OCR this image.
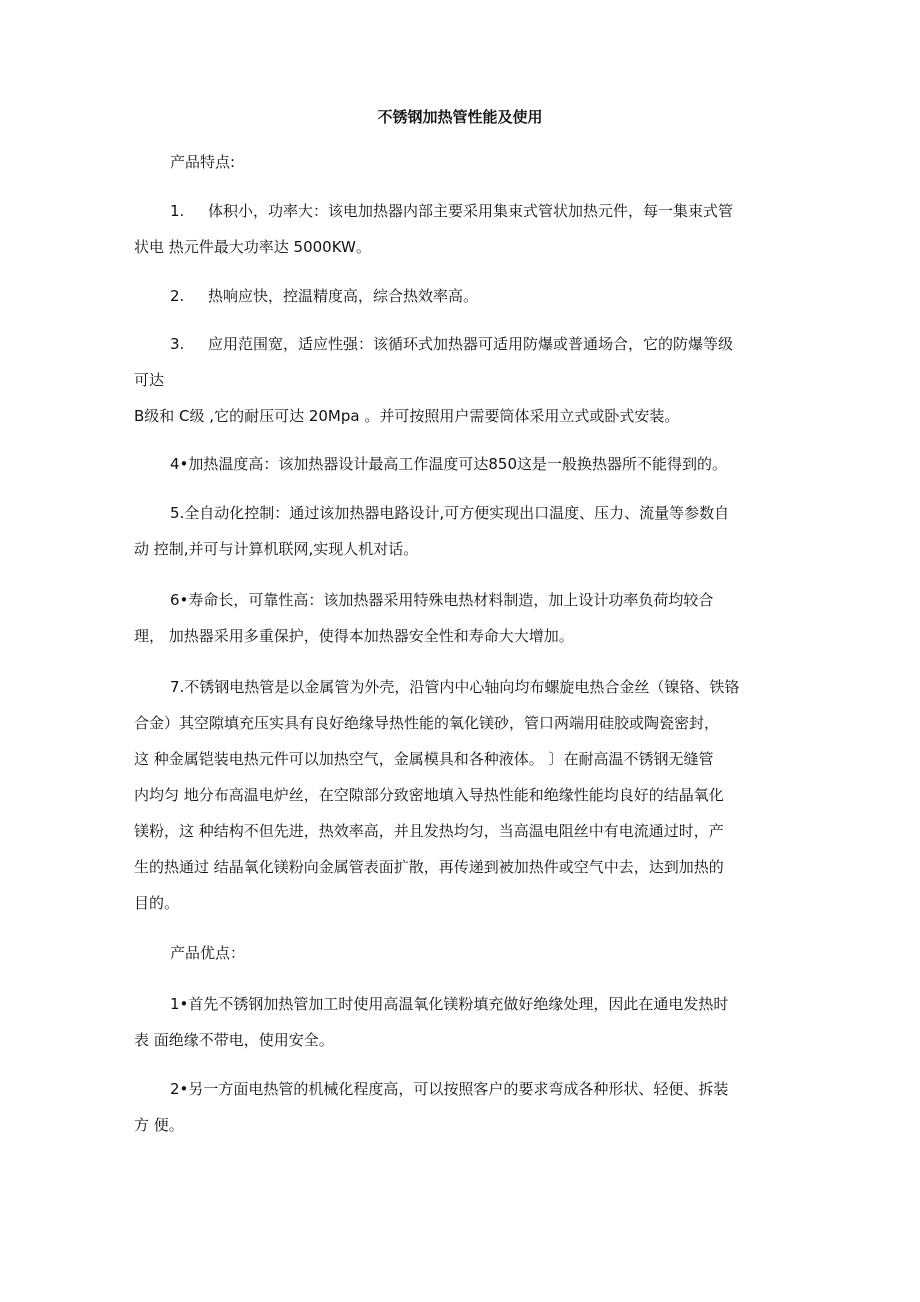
不锈钢加热管性能及使用
产品特点:
1. 体积小，功率大：该电加热器内部主要采用集束式管状加热元件，每一集束式管
状电 热元件最大功率达 5000KW。
2. 热响应快，控温精度高，综合热效率高。
3. 应用范围宽，适应性强：该循环式加热器可适用防爆或普通场合，它的防爆等级
可达
B级和 C级 ,它的耐压可达 20Mpa 。并可按照用户需要筒体采用立式或卧式安装。
4•加热温度高：该加热器设计最高工作温度可达850这是一般换热器所不能得到的。
5.全自动化控制：通过该加热器电路设计,可方便实现出口温度、压力、流量等参数自
动 控制,并可与计算机联网,实现人机对话。
6•寿命长，可靠性高：该加热器采用特殊电热材料制造，加上设计功率负荷均较合
理， 加热器采用多重保护，使得本加热器安全性和寿命大大增加。
7.不锈钢电热管是以金属管为外壳，沿管内中心轴向均布螺旋电热合金丝（镍铬、铁铬
合金）其空隙填充压实具有良好绝缘导热性能的氧化镁砂，管口两端用硅胶或陶瓷密封，
这 种金属铠装电热元件可以加热空气，金属模具和各种液体。 〕在耐高温不锈钢无缝管
内均匀 地分布高温电炉丝，在空隙部分致密地填入导热性能和绝缘性能均良好的结晶氧化
镁粉，这 种结构不但先进，热效率高，并且发热均匀，当高温电阻丝中有电流通过时，产
生的热通过 结晶氧化镁粉向金属管表面扩散，再传递到被加热件或空气中去，达到加热的
目的。
产品优点：
1•首先不锈钢加热管加工时使用高温氧化镁粉填充做好绝缘处理，因此在通电发热时
表 面绝缘不带电，使用安全。
2•另一方面电热管的机械化程度高，可以按照客户的要求弯成各种形状、轻便、拆装
方 便。
